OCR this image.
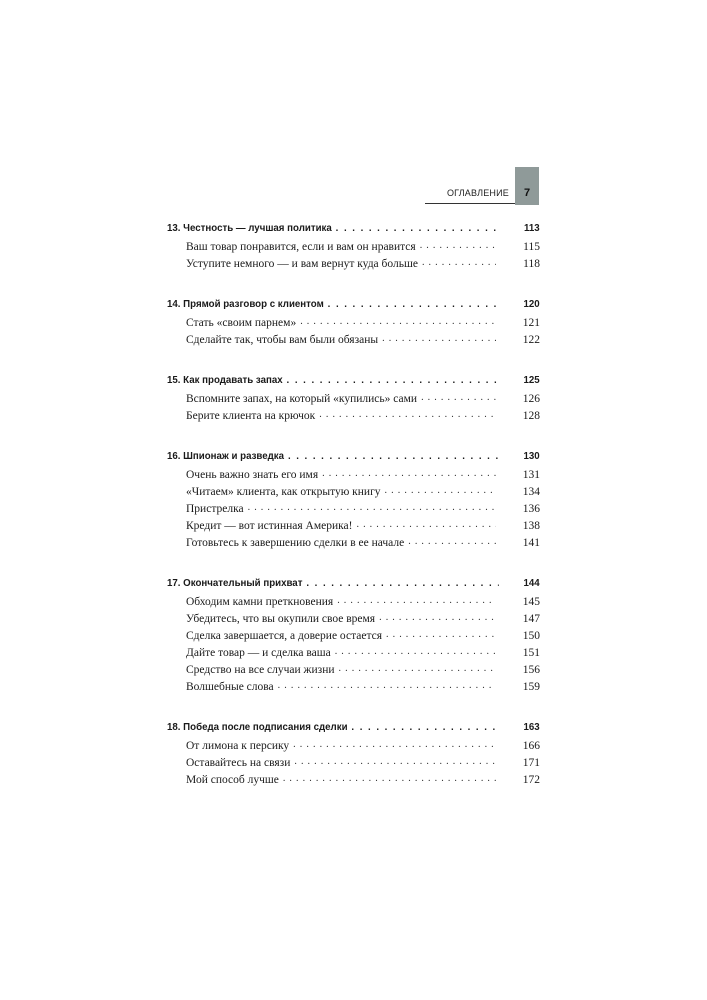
ОГЛАВЛЕНИЕ	7
13. Честность — лучшая политика . . .	113
Ваш товар понравится, если и вам он нравится . . .	115
Уступите немного — и вам вернут куда больше . . .	118
14. Прямой разговор с клиентом . . .	120
Стать «своим парнем» . . .	121
Сделайте так, чтобы вам были обязаны . . .	122
15. Как продавать запах . . .	125
Вспомните запах, на который «купились» сами . . .	126
Берите клиента на крючок . . .	128
16. Шпионаж и разведка . . .	130
Очень важно знать его имя . . .	131
«Читаем» клиента, как открытую книгу . . .	134
Пристрелка . . .	136
Кредит — вот истинная Америка! . . .	138
Готовьтесь к завершению сделки в ее начале . . .	141
17. Окончательный прихват . . .	144
Обходим камни преткновения . . .	145
Убедитесь, что вы окупили свое время . . .	147
Сделка завершается, а доверие остается . . .	150
Дайте товар — и сделка ваша . . .	151
Средство на все случаи жизни . . .	156
Волшебные слова . . .	159
18. Победа после подписания сделки . . .	163
От лимона к персику . . .	166
Оставайтесь на связи . . .	171
Мой способ лучше . . .	172
